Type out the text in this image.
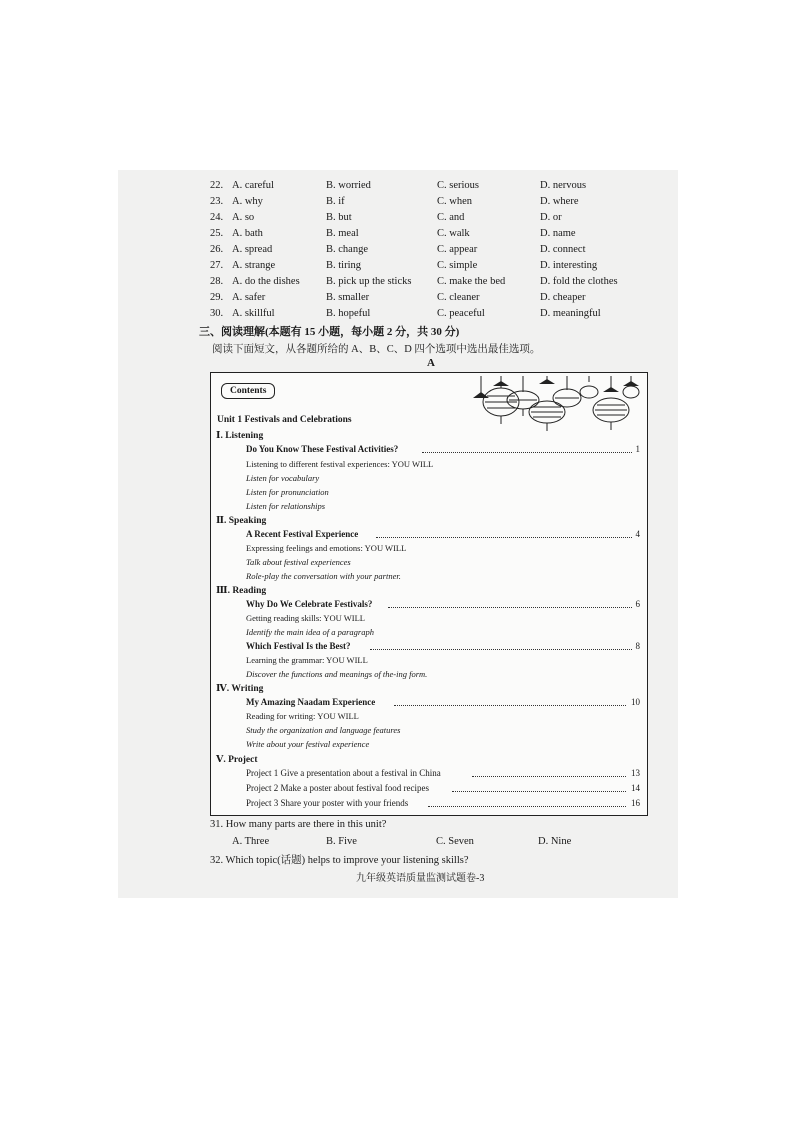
22. A. careful	B. worried	C. serious	D. nervous
23. A. why	B. if	C. when	D. where
24. A. so	B. but	C. and	D. or
25. A. bath	B. meal	C. walk	D. name
26. A. spread	B. change	C. appear	D. connect
27. A. strange	B. tiring	C. simple	D. interesting
28. A. do the dishes	B. pick up the sticks C. make the bed	D. fold the clothes
29. A. safer	B. smaller	C. cleaner	D. cheaper
30. A. skillful	B. hopeful	C. peaceful	D. meaningful
三、阅读理解(本题有 15 小题，每小题 2 分，共 30 分)
阅读下面短文，从各题所给的 A、B、C、D 四个选项中选出最佳选项。
A
Contents
Unit 1 Festivals and Celebrations
Ⅰ. Listening
Do You Know These Festival Activities?	1
Listening to different festival experiences: YOU WILL
Listen for vocabulary
Listen for pronunciation
Listen for relationships
Ⅱ. Speaking
A Recent Festival Experience	4
Expressing feelings and emotions: YOU WILL
Talk about festival experiences
Role-play the conversation with your partner.
Ⅲ. Reading
Why Do We Celebrate Festivals?	6
Getting reading skills: YOU WILL
Identify the main idea of a paragraph
Which Festival Is the Best?	8
Learning the grammar: YOU WILL
Discover the functions and meanings of the-ing form.
Ⅳ. Writing
My Amazing Naadam Experience	10
Reading for writing: YOU WILL
Study the organization and language features
Write about your festival experience
Ⅴ. Project
Project 1 Give a presentation about a festival in China	13
Project 2 Make a poster about festival food recipes	14
Project 3 Share your poster with your friends	16
31. How many parts are there in this unit?
A. Three	B. Five	C. Seven	D. Nine
32. Which topic(话题) helps to improve your listening skills?
九年级英语质量监测试题卷-3
